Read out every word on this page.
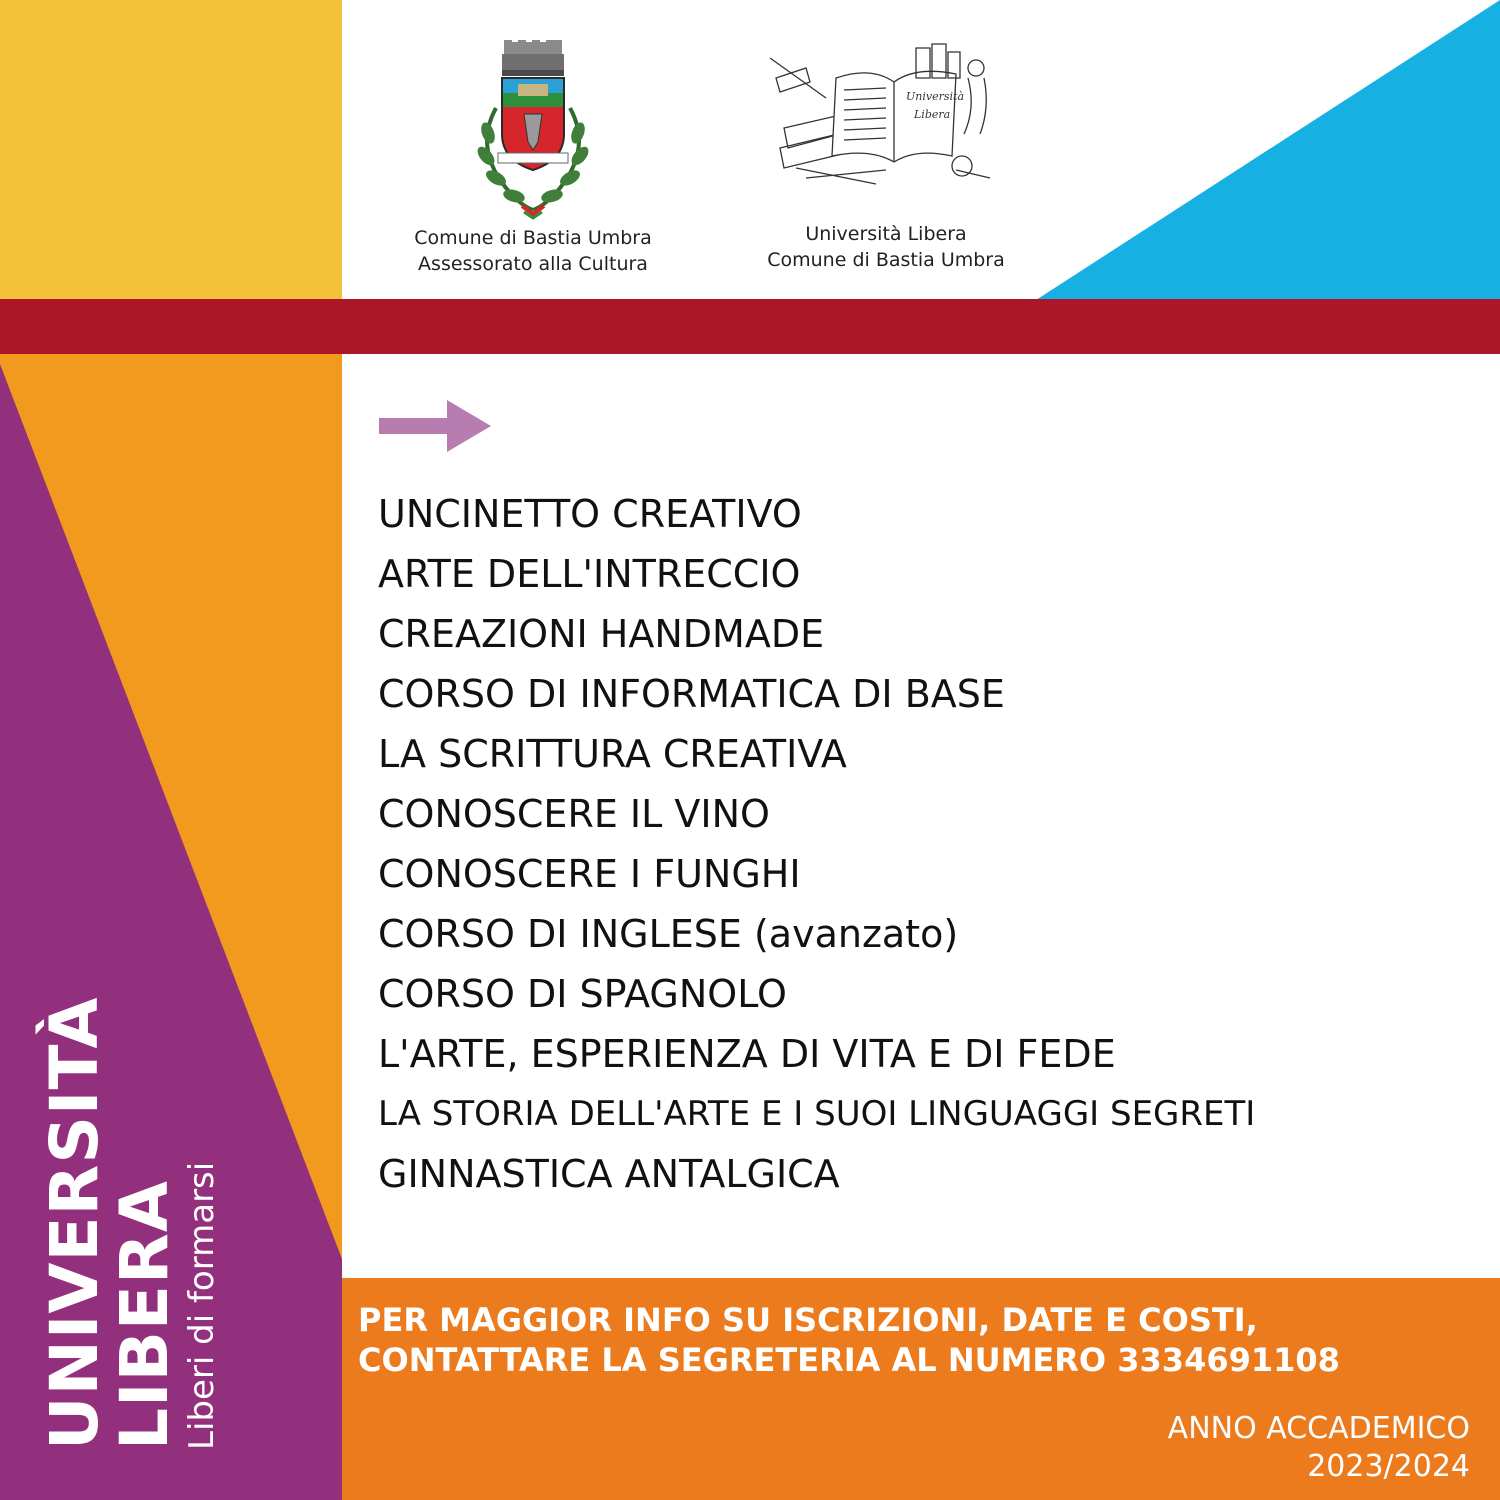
UNIVERSITÀ
LIBERA Liberi di formarsi
Comune di Bastia Umbra
Assessorato alla Cultura
Università
Libera
Università Libera
Comune di Bastia Umbra
UNCINETTO CREATIVO
ARTE DELL'INTRECCIO
CREAZIONI HANDMADE
CORSO DI INFORMATICA DI BASE
LA SCRITTURA CREATIVA
CONOSCERE IL VINO
CONOSCERE I FUNGHI
CORSO DI INGLESE (avanzato)
CORSO DI SPAGNOLO
L'ARTE, ESPERIENZA DI VITA E DI FEDE
LA STORIA DELL'ARTE E I SUOI LINGUAGGI SEGRETI
GINNASTICA ANTALGICA
PER MAGGIOR INFO SU ISCRIZIONI, DATE E COSTI,
CONTATTARE LA SEGRETERIA AL NUMERO 3334691108
ANNO ACCADEMICO
2023/2024
